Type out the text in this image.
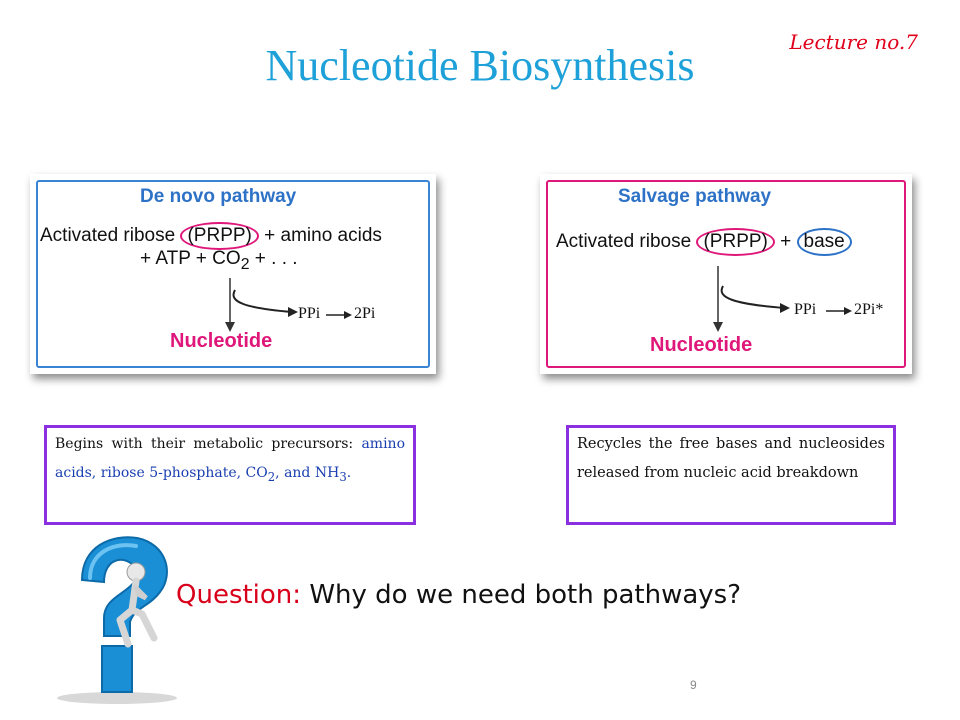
Nucleotide Biosynthesis	Lecture no.7
De novo pathway
Activated ribose (PRPP) + amino acids
+ ATP + $CO_2$ + . . .
PPi 2Pi
Nucleotide
Salvage pathway
Activated ribose (PRPP) + base
PPi 2Pi*
Nucleotide
Begins with their metabolic precursors: amino acids, ribose 5-phosphate, $CO_2$, and $NH_3$.
Recycles the free bases and nucleosides released from nucleic acid breakdown
Question: Why do we need both pathways?
9
